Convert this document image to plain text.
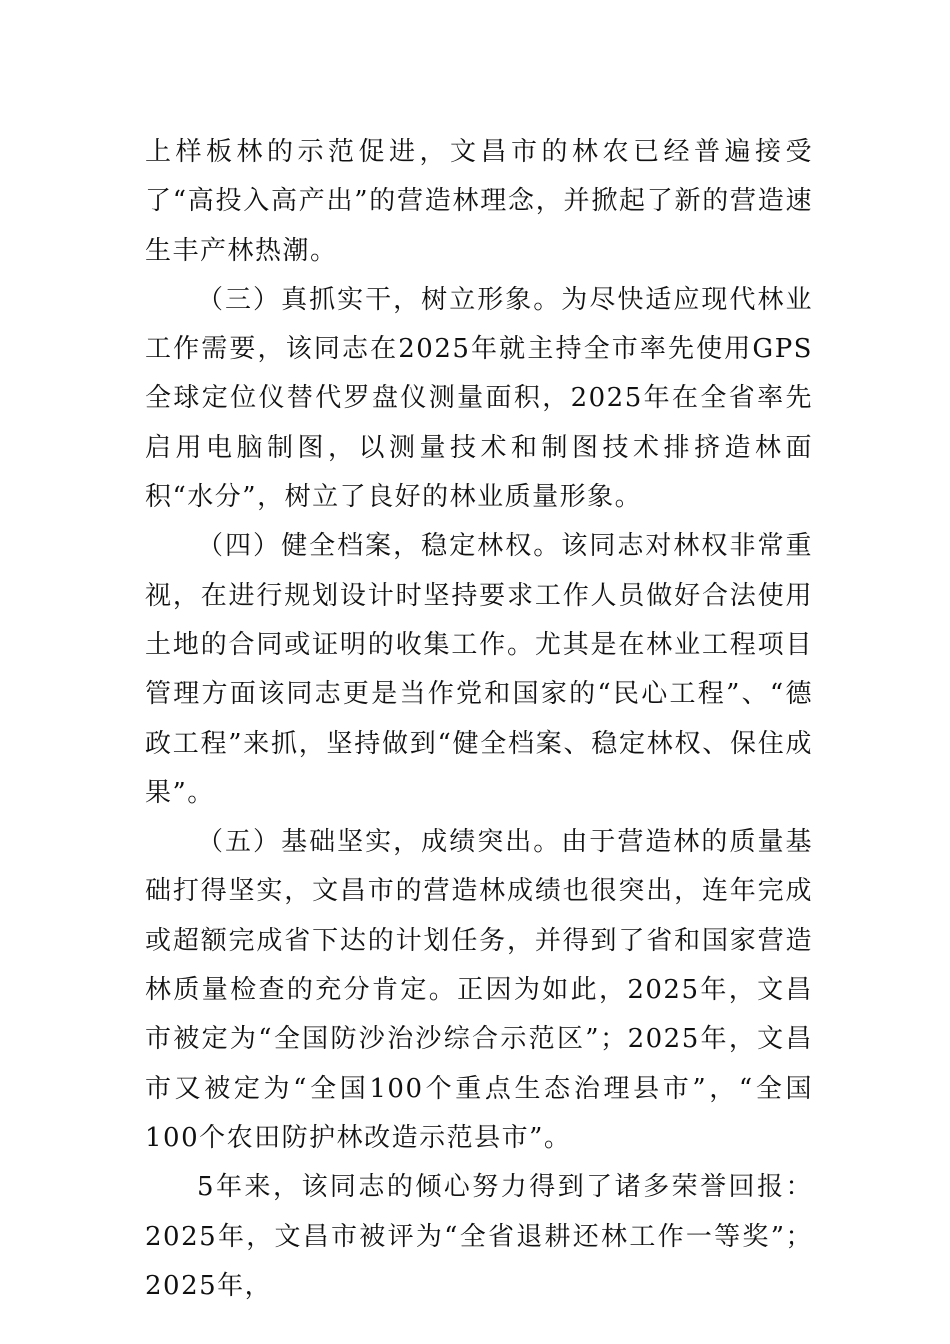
上样板林的示范促进，文昌市的林农已经普遍接受了“高投入高产出”的营造林理念，并掀起了新的营造速生丰产林热潮。

（三）真抓实干，树立形象。为尽快适应现代林业工作需要，该同志在2025年就主持全市率先使用GPS全球定位仪替代罗盘仪测量面积，2025年在全省率先启用电脑制图，以测量技术和制图技术排挤造林面积“水分”，树立了良好的林业质量形象。

（四）健全档案，稳定林权。该同志对林权非常重视，在进行规划设计时坚持要求工作人员做好合法使用土地的合同或证明的收集工作。尤其是在林业工程项目管理方面该同志更是当作党和国家的“民心工程”、“德政工程”来抓，坚持做到“健全档案、稳定林权、保住成果”。

（五）基础坚实，成绩突出。由于营造林的质量基础打得坚实，文昌市的营造林成绩也很突出，连年完成或超额完成省下达的计划任务，并得到了省和国家营造林质量检查的充分肯定。正因为如此，2025年，文昌市被定为“全国防沙治沙综合示范区”；2025年，文昌市又被定为“全国100个重点生态治理县市”，“全国100个农田防护林改造示范县市”。

5年来，该同志的倾心努力得到了诸多荣誉回报：2025年，文昌市被评为“全省退耕还林工作一等奖”；2025年，
